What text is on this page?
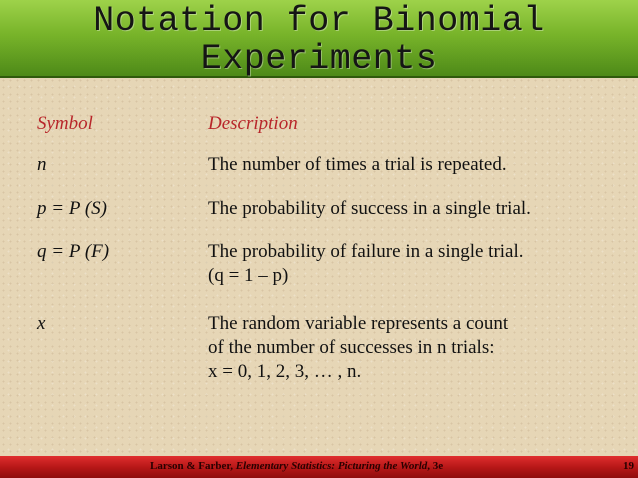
Notation for Binomial
Experiments
Symbol	Description
n	The number of times a trial is repeated.
p = P (S)	The probability of success in a single trial.
q = P (F)	The probability of failure in a single trial.
(q = 1 – p)
x	The random variable represents a count
of the number of successes in n trials:
x = 0, 1, 2, 3, … , n.
Larson & Farber, Elementary Statistics: Picturing the World, 3e	19
